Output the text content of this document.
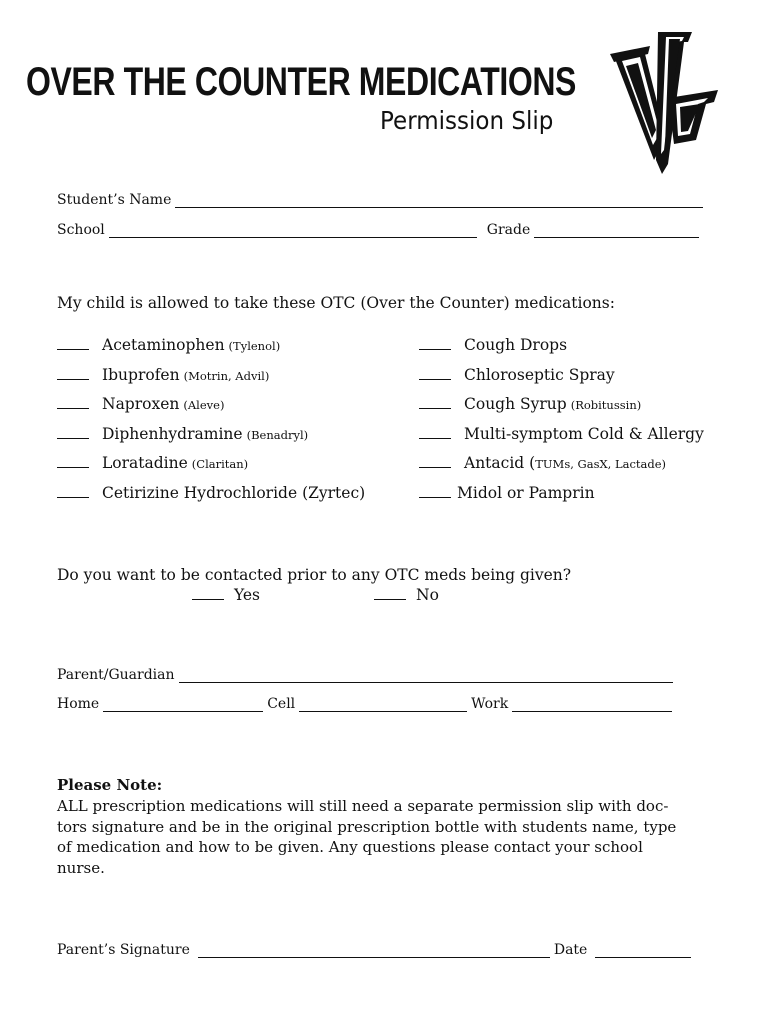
OVER THE COUNTER MEDICATIONS
Permission Slip
Student’s Name
School	Grade
My child is allowed to take these OTC (Over the Counter) medications:
Acetaminophen (Tylenol)
Ibuprofen (Motrin, Advil)
Naproxen (Aleve)
Diphenhydramine (Benadryl)
Loratadine (Claritan)
Cetirizine Hydrochloride (Zyrtec)
Cough Drops
Chloroseptic Spray
Cough Syrup (Robitussin)
Multi-symptom Cold & Allergy
Antacid ( TUMs, GasX, Lactade)
Midol or Pamprin
Do you want to be contacted prior to any OTC meds being given?
Yes	No
Parent/Guardian
Home	Cell	Work
Please Note:
ALL prescription medications will still need a separate permission slip with doc-
tors signature and be in the original prescription bottle with students name, type
of medication and how to be given. Any questions please contact your school
nurse.
Parent’s Signature	Date
